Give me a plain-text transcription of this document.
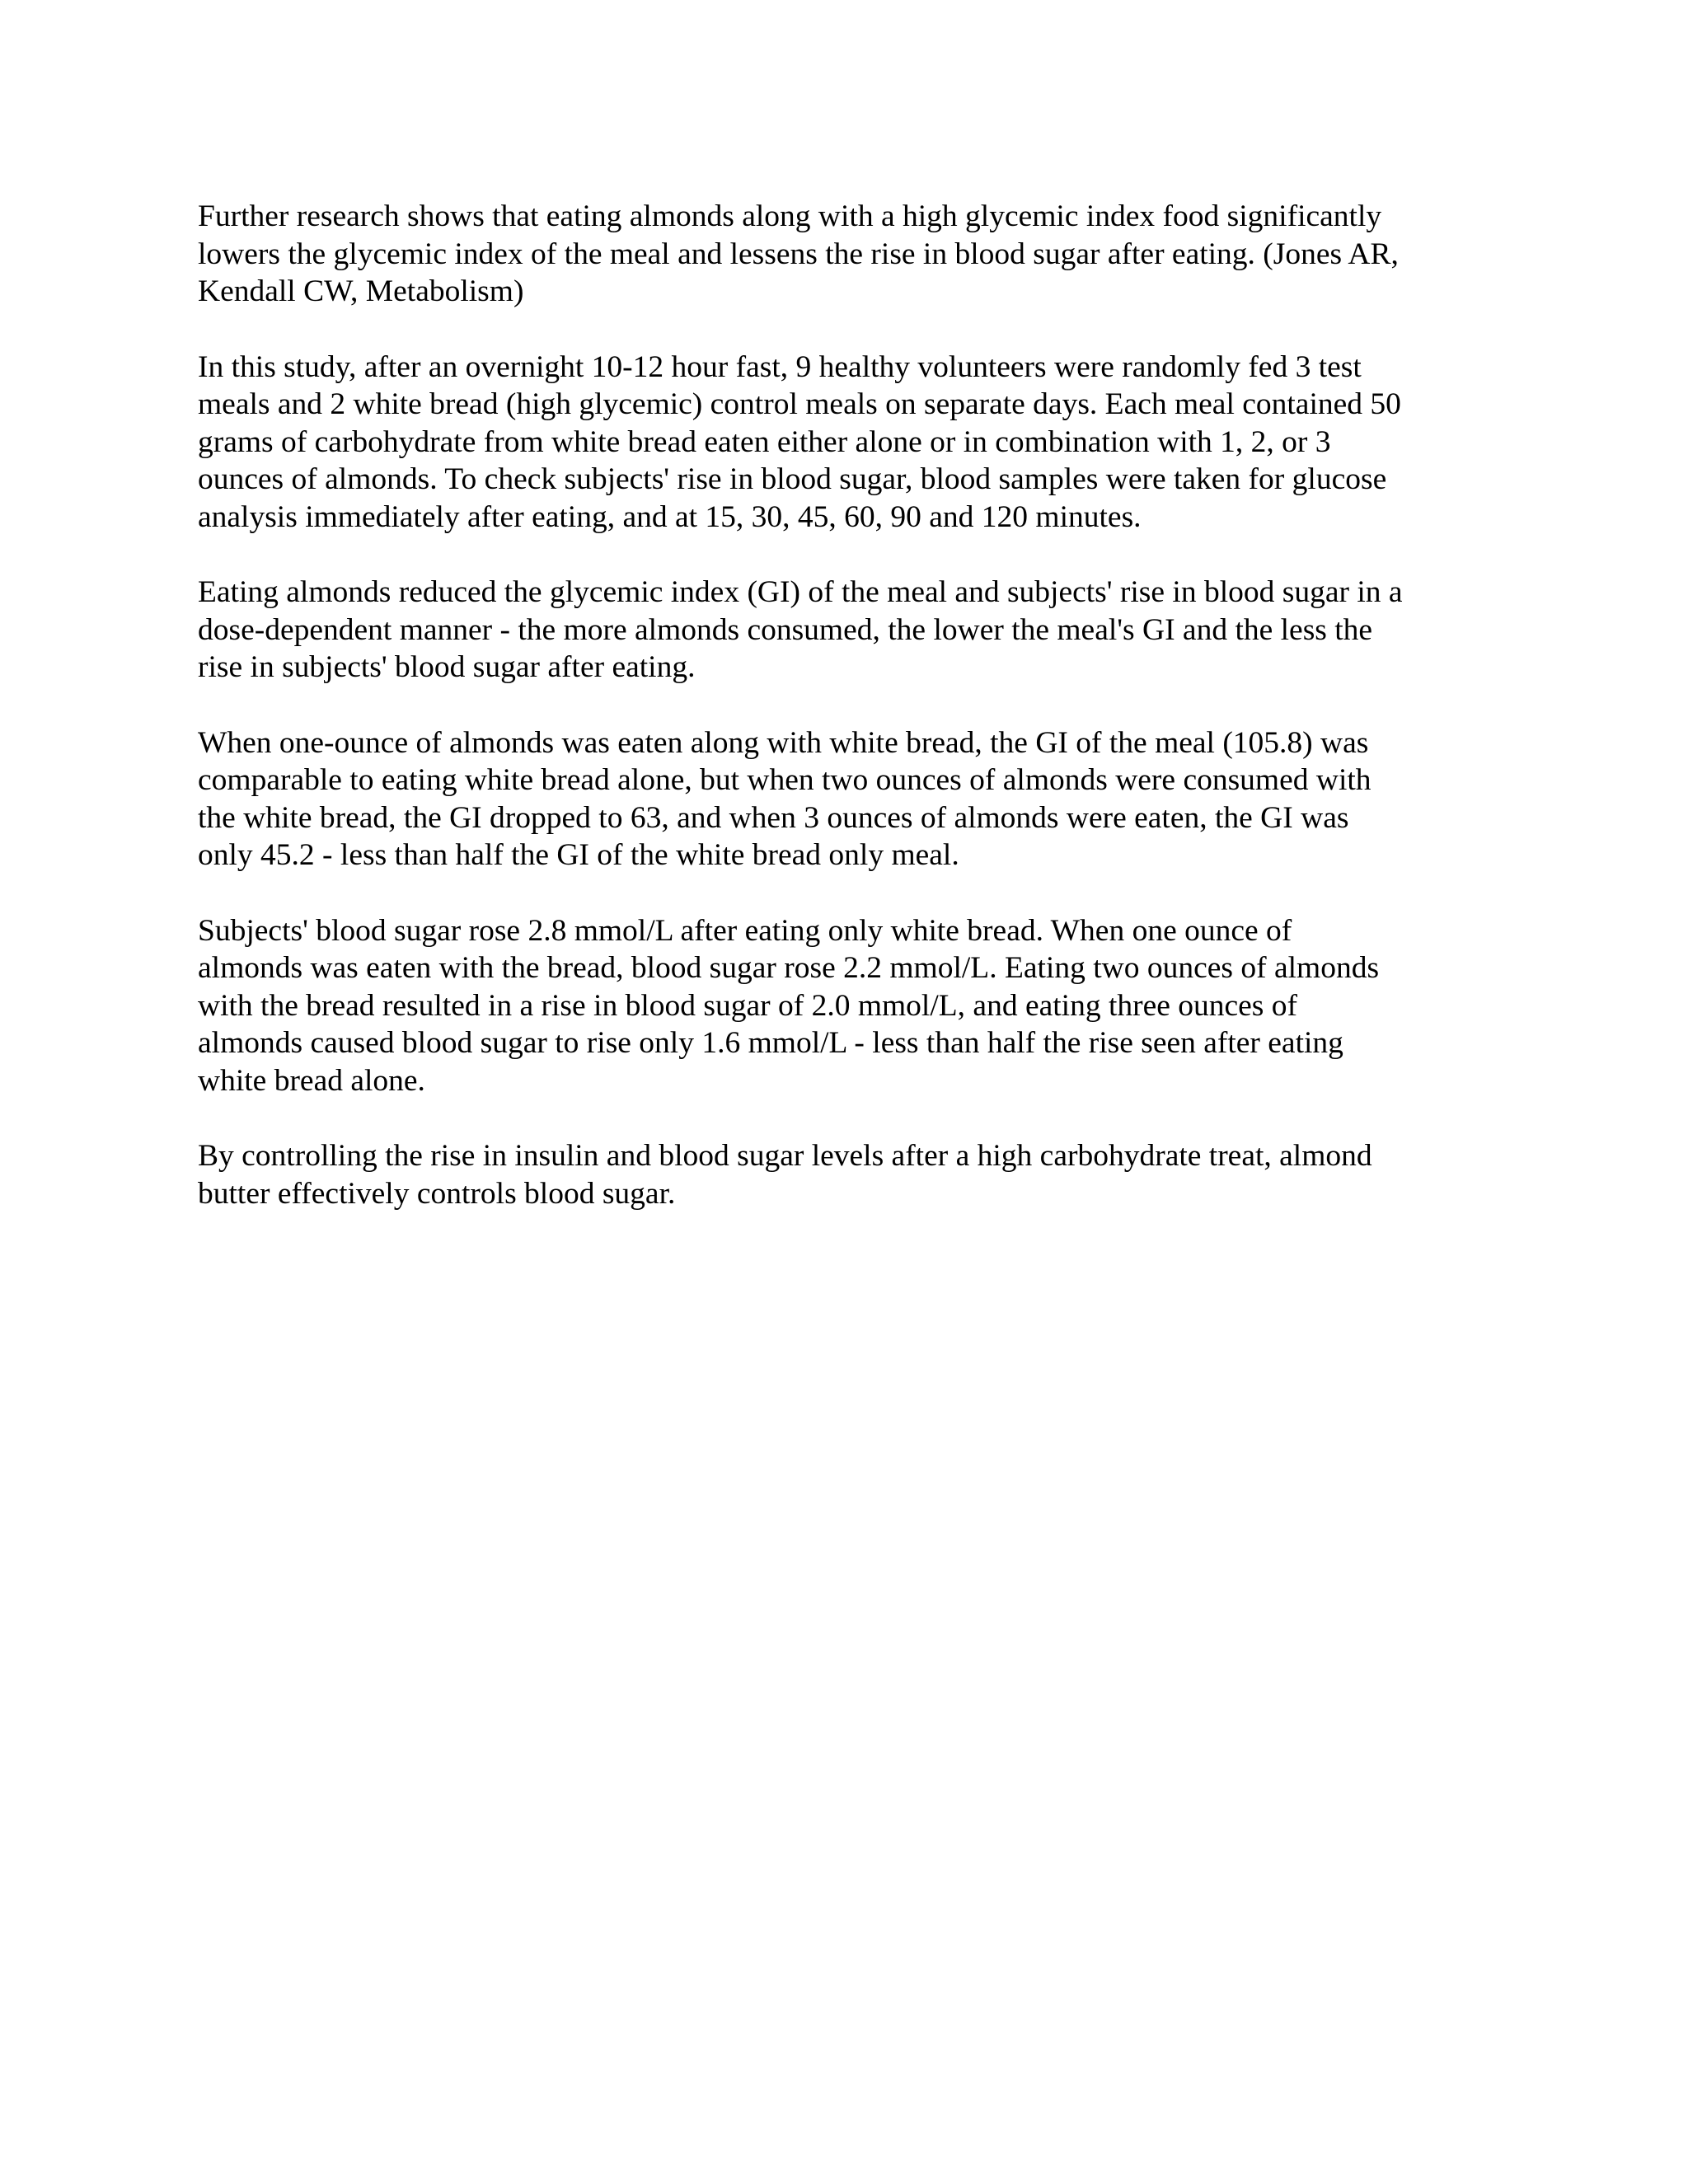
Further research shows that eating almonds along with a high glycemic index food significantly
lowers the glycemic index of the meal and lessens the rise in blood sugar after eating. (Jones AR,
Kendall CW, Metabolism)

In this study, after an overnight 10-12 hour fast, 9 healthy volunteers were randomly fed 3 test
meals and 2 white bread (high glycemic) control meals on separate days. Each meal contained 50
grams of carbohydrate from white bread eaten either alone or in combination with 1, 2, or 3
ounces of almonds. To check subjects' rise in blood sugar, blood samples were taken for glucose
analysis immediately after eating, and at 15, 30, 45, 60, 90 and 120 minutes.

Eating almonds reduced the glycemic index (GI) of the meal and subjects' rise in blood sugar in a
dose-dependent manner - the more almonds consumed, the lower the meal's GI and the less the
rise in subjects' blood sugar after eating.

When one-ounce of almonds was eaten along with white bread, the GI of the meal (105.8) was
comparable to eating white bread alone, but when two ounces of almonds were consumed with
the white bread, the GI dropped to 63, and when 3 ounces of almonds were eaten, the GI was
only 45.2 - less than half the GI of the white bread only meal.

Subjects' blood sugar rose 2.8 mmol/L after eating only white bread. When one ounce of
almonds was eaten with the bread, blood sugar rose 2.2 mmol/L. Eating two ounces of almonds
with the bread resulted in a rise in blood sugar of 2.0 mmol/L, and eating three ounces of
almonds caused blood sugar to rise only 1.6 mmol/L - less than half the rise seen after eating
white bread alone.

By controlling the rise in insulin and blood sugar levels after a high carbohydrate treat, almond
butter effectively controls blood sugar.
